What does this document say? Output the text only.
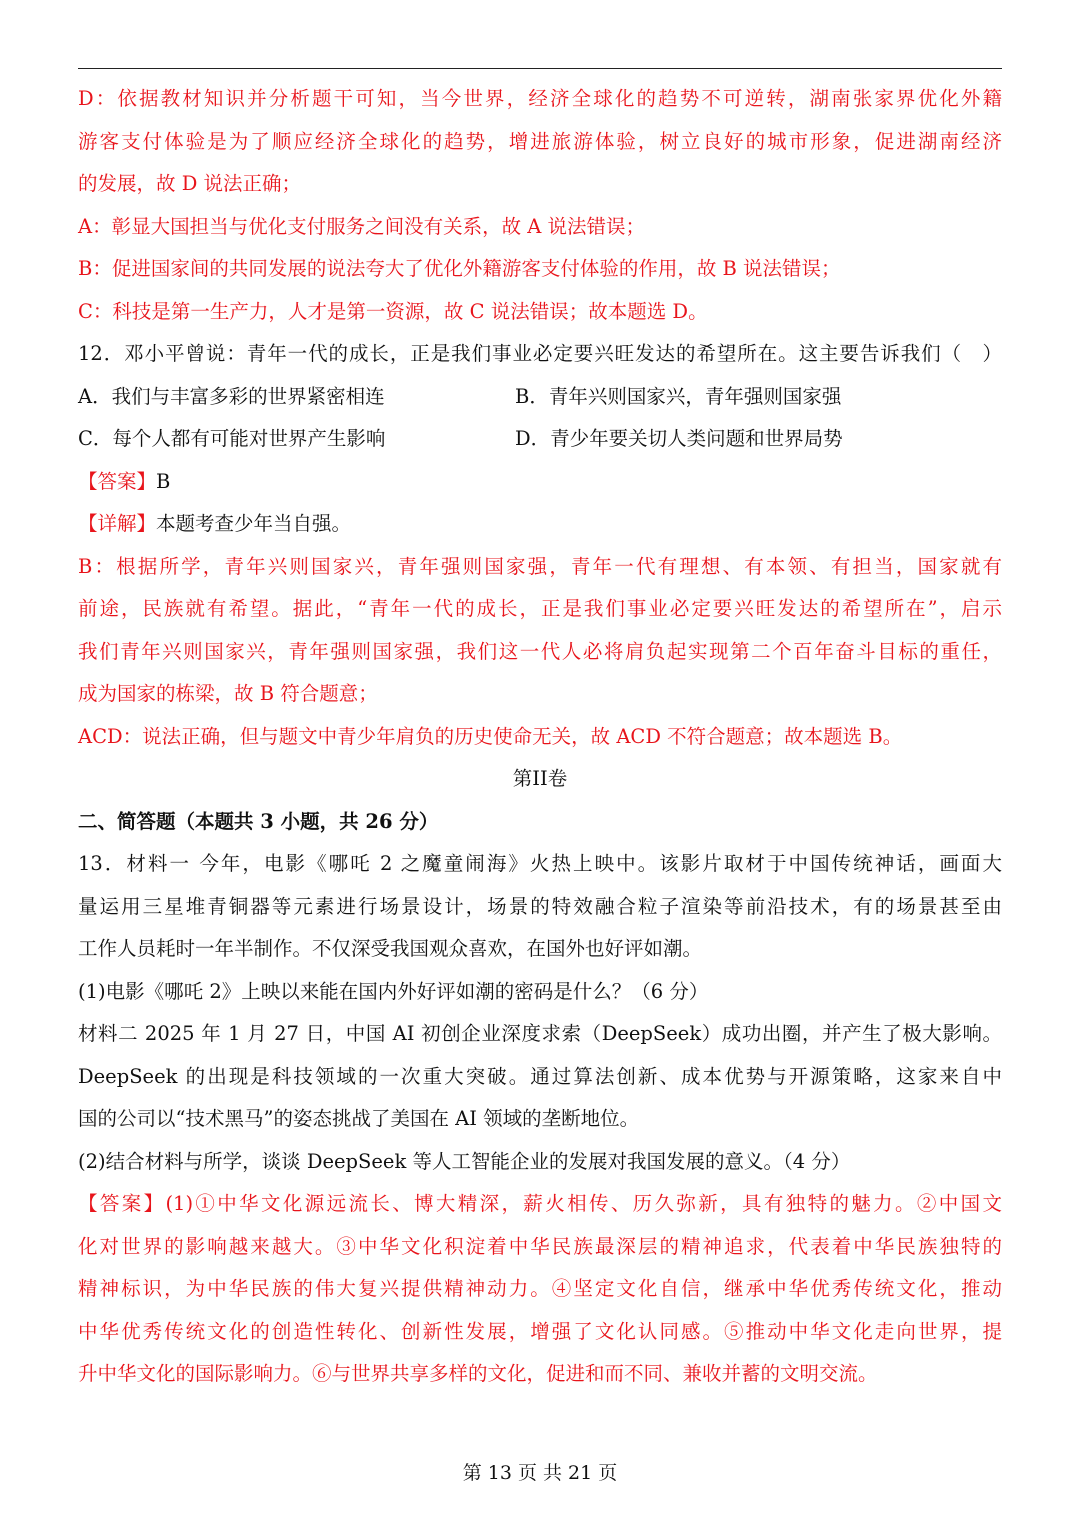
D：依据教材知识并分析题干可知，当今世界，经济全球化的趋势不可逆转，湖南张家界优化外籍
游客支付体验是为了顺应经济全球化的趋势，增进旅游体验，树立良好的城市形象，促进湖南经济
的发展，故 D 说法正确；
A：彰显大国担当与优化支付服务之间没有关系，故 A 说法错误；
B：促进国家间的共同发展的说法夸大了优化外籍游客支付体验的作用，故 B 说法错误；
C：科技是第一生产力，人才是第一资源，故 C 说法错误；故本题选 D。
12．邓小平曾说：青年一代的成长，正是我们事业必定要兴旺发达的希望所在。这主要告诉我们（　）
A．我们与丰富多彩的世界紧密相连	B．青年兴则国家兴，青年强则国家强
C．每个人都有可能对世界产生影响	D．青少年要关切人类问题和世界局势
【答案】B
【详解】本题考查少年当自强。
B：根据所学，青年兴则国家兴，青年强则国家强，青年一代有理想、有本领、有担当，国家就有
前途，民族就有希望。据此，“青年一代的成长，正是我们事业必定要兴旺发达的希望所在”，启示
我们青年兴则国家兴，青年强则国家强，我们这一代人必将肩负起实现第二个百年奋斗目标的重任，
成为国家的栋梁，故 B 符合题意；
ACD：说法正确，但与题文中青少年肩负的历史使命无关，故 ACD 不符合题意；故本题选 B。
第II卷
二、简答题（本题共 3 小题，共 26 分）
13．材料一 今年，电影《哪吒 2 之魔童闹海》火热上映中。该影片取材于中国传统神话，画面大
量运用三星堆青铜器等元素进行场景设计，场景的特效融合粒子渲染等前沿技术，有的场景甚至由
工作人员耗时一年半制作。不仅深受我国观众喜欢，在国外也好评如潮。
(1)电影《哪吒 2》上映以来能在国内外好评如潮的密码是什么？（6 分）
材料二 2025 年 1 月 27 日，中国 AI 初创企业深度求索（DeepSeek）成功出圈，并产生了极大影响。
DeepSeek 的出现是科技领域的一次重大突破。通过算法创新、成本优势与开源策略，这家来自中
国的公司以“技术黑马”的姿态挑战了美国在 AI 领域的垄断地位。
(2)结合材料与所学，谈谈 DeepSeek 等人工智能企业的发展对我国发展的意义。（4 分）
【答案】(1)①中华文化源远流长、博大精深，薪火相传、历久弥新，具有独特的魅力。②中国文
化对世界的影响越来越大。③中华文化积淀着中华民族最深层的精神追求，代表着中华民族独特的
精神标识，为中华民族的伟大复兴提供精神动力。④坚定文化自信，继承中华优秀传统文化，推动
中华优秀传统文化的创造性转化、创新性发展，增强了文化认同感。⑤推动中华文化走向世界，提
升中华文化的国际影响力。⑥与世界共享多样的文化，促进和而不同、兼收并蓄的文明交流。
第 13 页 共 21 页
